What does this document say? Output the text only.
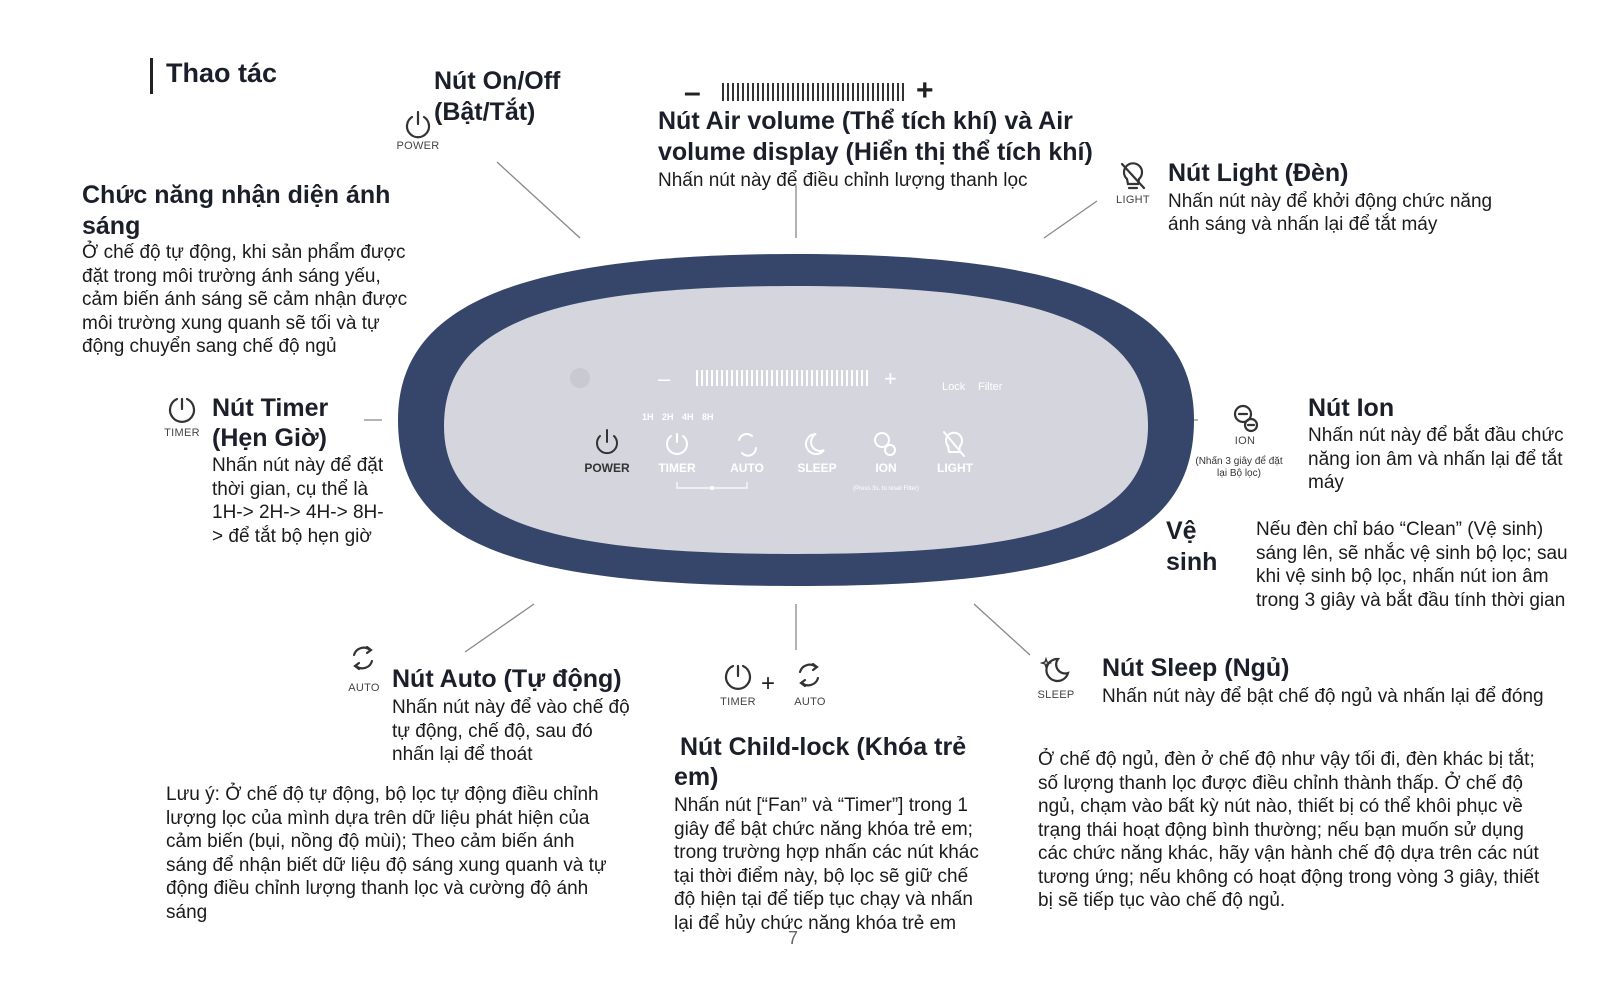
Thao tác
POWER
Nút On/Off
(Bật/Tắt)
–	+
Nút Air volume (Thể tích khí) và Air
volume display (Hiển thị thể tích khí)
Nhấn nút này để điều chỉnh lượng thanh lọc
LIGHT
Nút Light (Đèn)
Nhấn nút này để khởi động chức năng
ánh sáng và nhấn lại để tắt máy
Chức năng nhận diện ánh
sáng
Ở chế độ tự động, khi sản phẩm được
đặt trong môi trường ánh sáng yếu,
cảm biến ánh sáng sẽ cảm nhận được
môi trường xung quanh sẽ tối và tự
động chuyển sang chế độ ngủ
TIMER
Nút Timer
(Hẹn Giờ)
Nhấn nút này để đặt
thời gian, cụ thể là
1H-> 2H-> 4H-> 8H-
> để tắt bộ hẹn giờ
ION
(Nhấn 3 giây để đặt
lại Bộ lọc)
Nút Ion
Nhấn nút này để bắt đầu chức
năng ion âm và nhấn lại để tắt
máy
Vệ
sinh
Nếu đèn chỉ báo “Clean” (Vệ sinh)
sáng lên, sẽ nhắc vệ sinh bộ lọc; sau
khi vệ sinh bộ lọc, nhấn nút ion âm
trong 3 giây và bắt đầu tính thời gian
AUTO Nút Auto (Tự động)
Nhấn nút này để vào chế độ
tự động, chế độ, sau đó
nhấn lại để thoát
Lưu ý: Ở chế độ tự động, bộ lọc tự động điều chỉnh
lượng lọc của mình dựa trên dữ liệu phát hiện của
cảm biến (bụi, nồng độ mùi); Theo cảm biến ánh
sáng để nhận biết dữ liệu độ sáng xung quanh và tự
động điều chỉnh lượng thanh lọc và cường độ ánh
sáng
TIMER
+
AUTO
Nút Child-lock (Khóa trẻ
em)
Nhấn nút [“Fan” và “Timer”] trong 1
giây để bật chức năng khóa trẻ em;
trong trường hợp nhấn các nút khác
tại thời điểm này, bộ lọc sẽ giữ chế
độ hiện tại để tiếp tục chạy và nhấn
lại để hủy chức năng khóa trẻ em
SLEEP
Nút Sleep (Ngủ)
Nhấn nút này để bật chế độ ngủ và nhấn lại để đóng
Ở chế độ ngủ, đèn ở chế độ như vậy tối đi, đèn khác bị tắt;
số lượng thanh lọc được điều chỉnh thành thấp. Ở chế độ
ngủ, chạm vào bất kỳ nút nào, thiết bị có thể khôi phục về
trạng thái hoạt động bình thường; nếu bạn muốn sử dụng
các chức năng khác, hãy vận hành chế độ dựa trên các nút
tương ứng; nếu không có hoạt động trong vòng 3 giây, thiết
bị sẽ tiếp tục vào chế độ ngủ.
–	+	Lock Filter
1H 2H 4H 8H
POWER TIMER	AUTO	SLEEP	ION	LIGHT
(Press 3s, to reset Filter)
7
